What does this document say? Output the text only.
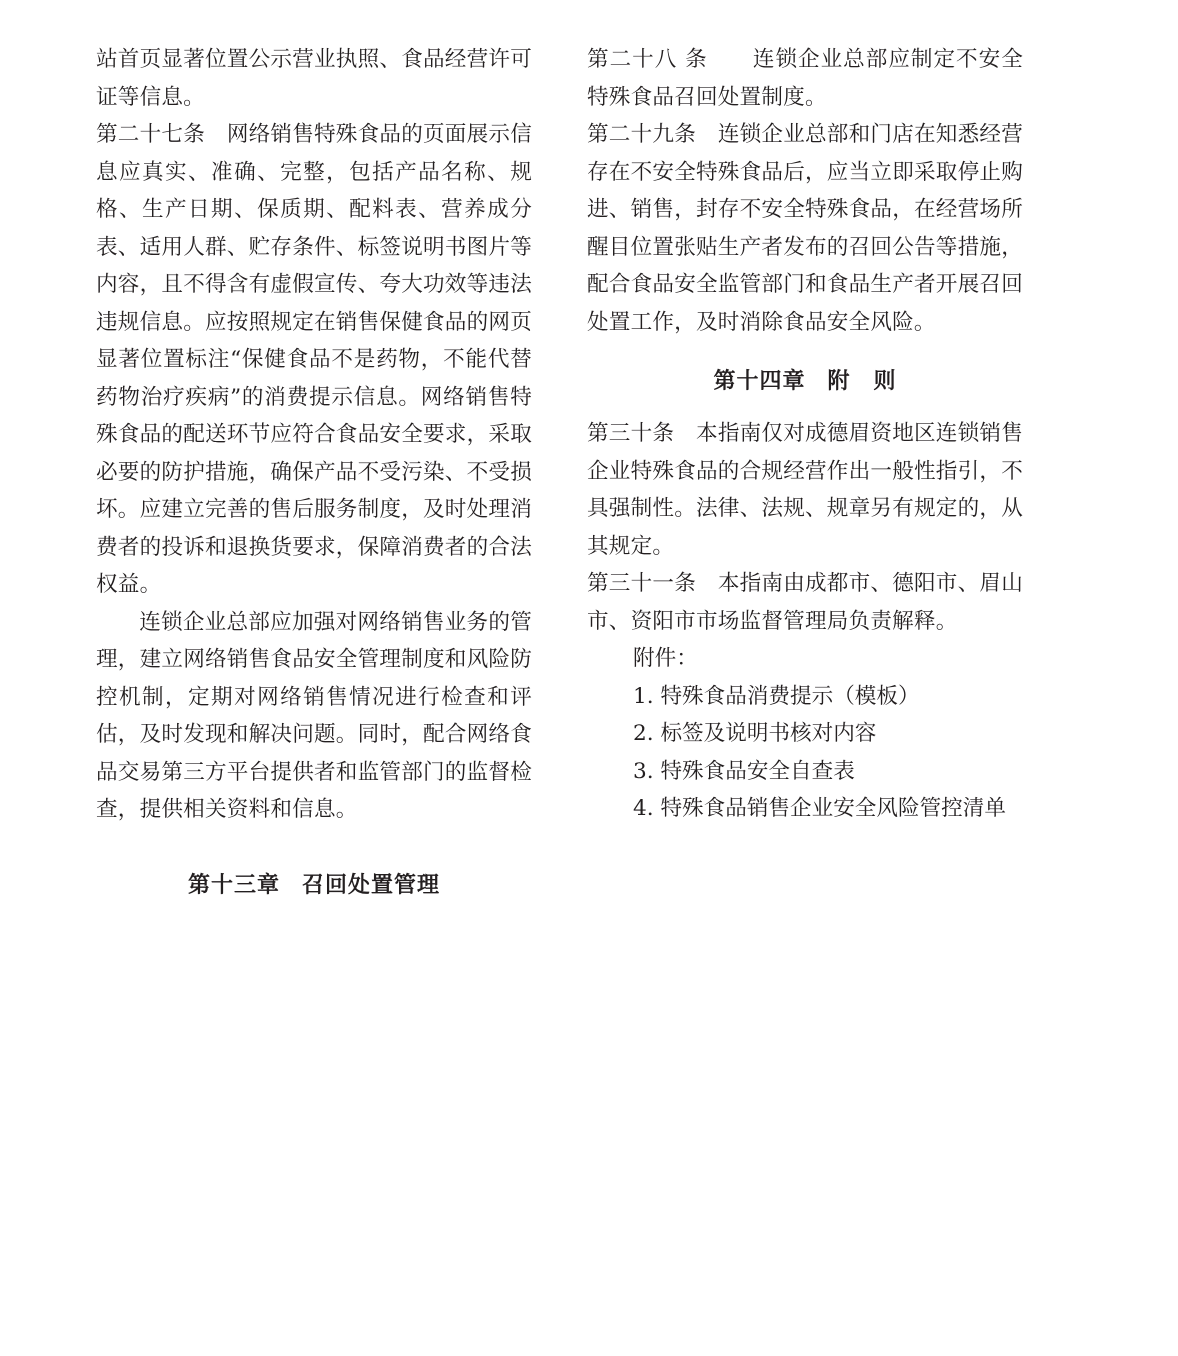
站首页显著位置公示营业执照、食品经营许可证等信息。

第二十七条　 网络销售特殊食品的页面展示信息应真实、准确、完整，包括产品名称、规格、生产日期、保质期、配料表、营养成分表、适用人群、贮存条件、标签说明书图片等内容，且不得含有虚假宣传、夸大功效等违法违规信息。应按照规定在销售保健食品的网页显著位置标注“保健食品不是药物，不能代替药物治疗疾病”的消费提示信息。网络销售特殊食品的配送环节应符合食品安全要求，采取必要的防护措施，确保产品不受污染、不受损坏。应建立完善的售后服务制度，及时处理消费者的投诉和退换货要求，保障消费者的合法权益。

连锁企业总部应加强对网络销售业务的管理，建立网络销售食品安全管理制度和风险防控机制，定期对网络销售情况进行检查和评估，及时发现和解决问题。同时，配合网络食品交易第三方平台提供者和监管部门的监督检查，提供相关资料和信息。

第十三章 召回处置管理

第二十八 条　　 连锁企业总部应制定不安全特殊食品召回处置制度。

第二十九条　 连锁企业总部和门店在知悉经营存在不安全特殊食品后，应当立即采取停止购进、销售，封存不安全特殊食品，在经营场所醒目位置张贴生产者发布的召回公告等措施，配合食品安全监管部门和食品生产者开展召回处置工作，及时消除食品安全风险。

第十四章 附　则

第三十条　 本指南仅对成德眉资地区连锁销售企业特殊食品的合规经营作出一般性指引，不具强制性。法律、法规、规章另有规定的，从其规定。

第三十一条　 本指南由成都市、德阳市、眉山市、资阳市市场监督管理局负责解释。

附件：
1. 特殊食品消费提示（模板）
2. 标签及说明书核对内容
3. 特殊食品安全自查表
4. 特殊食品销售企业安全风险管控清单
